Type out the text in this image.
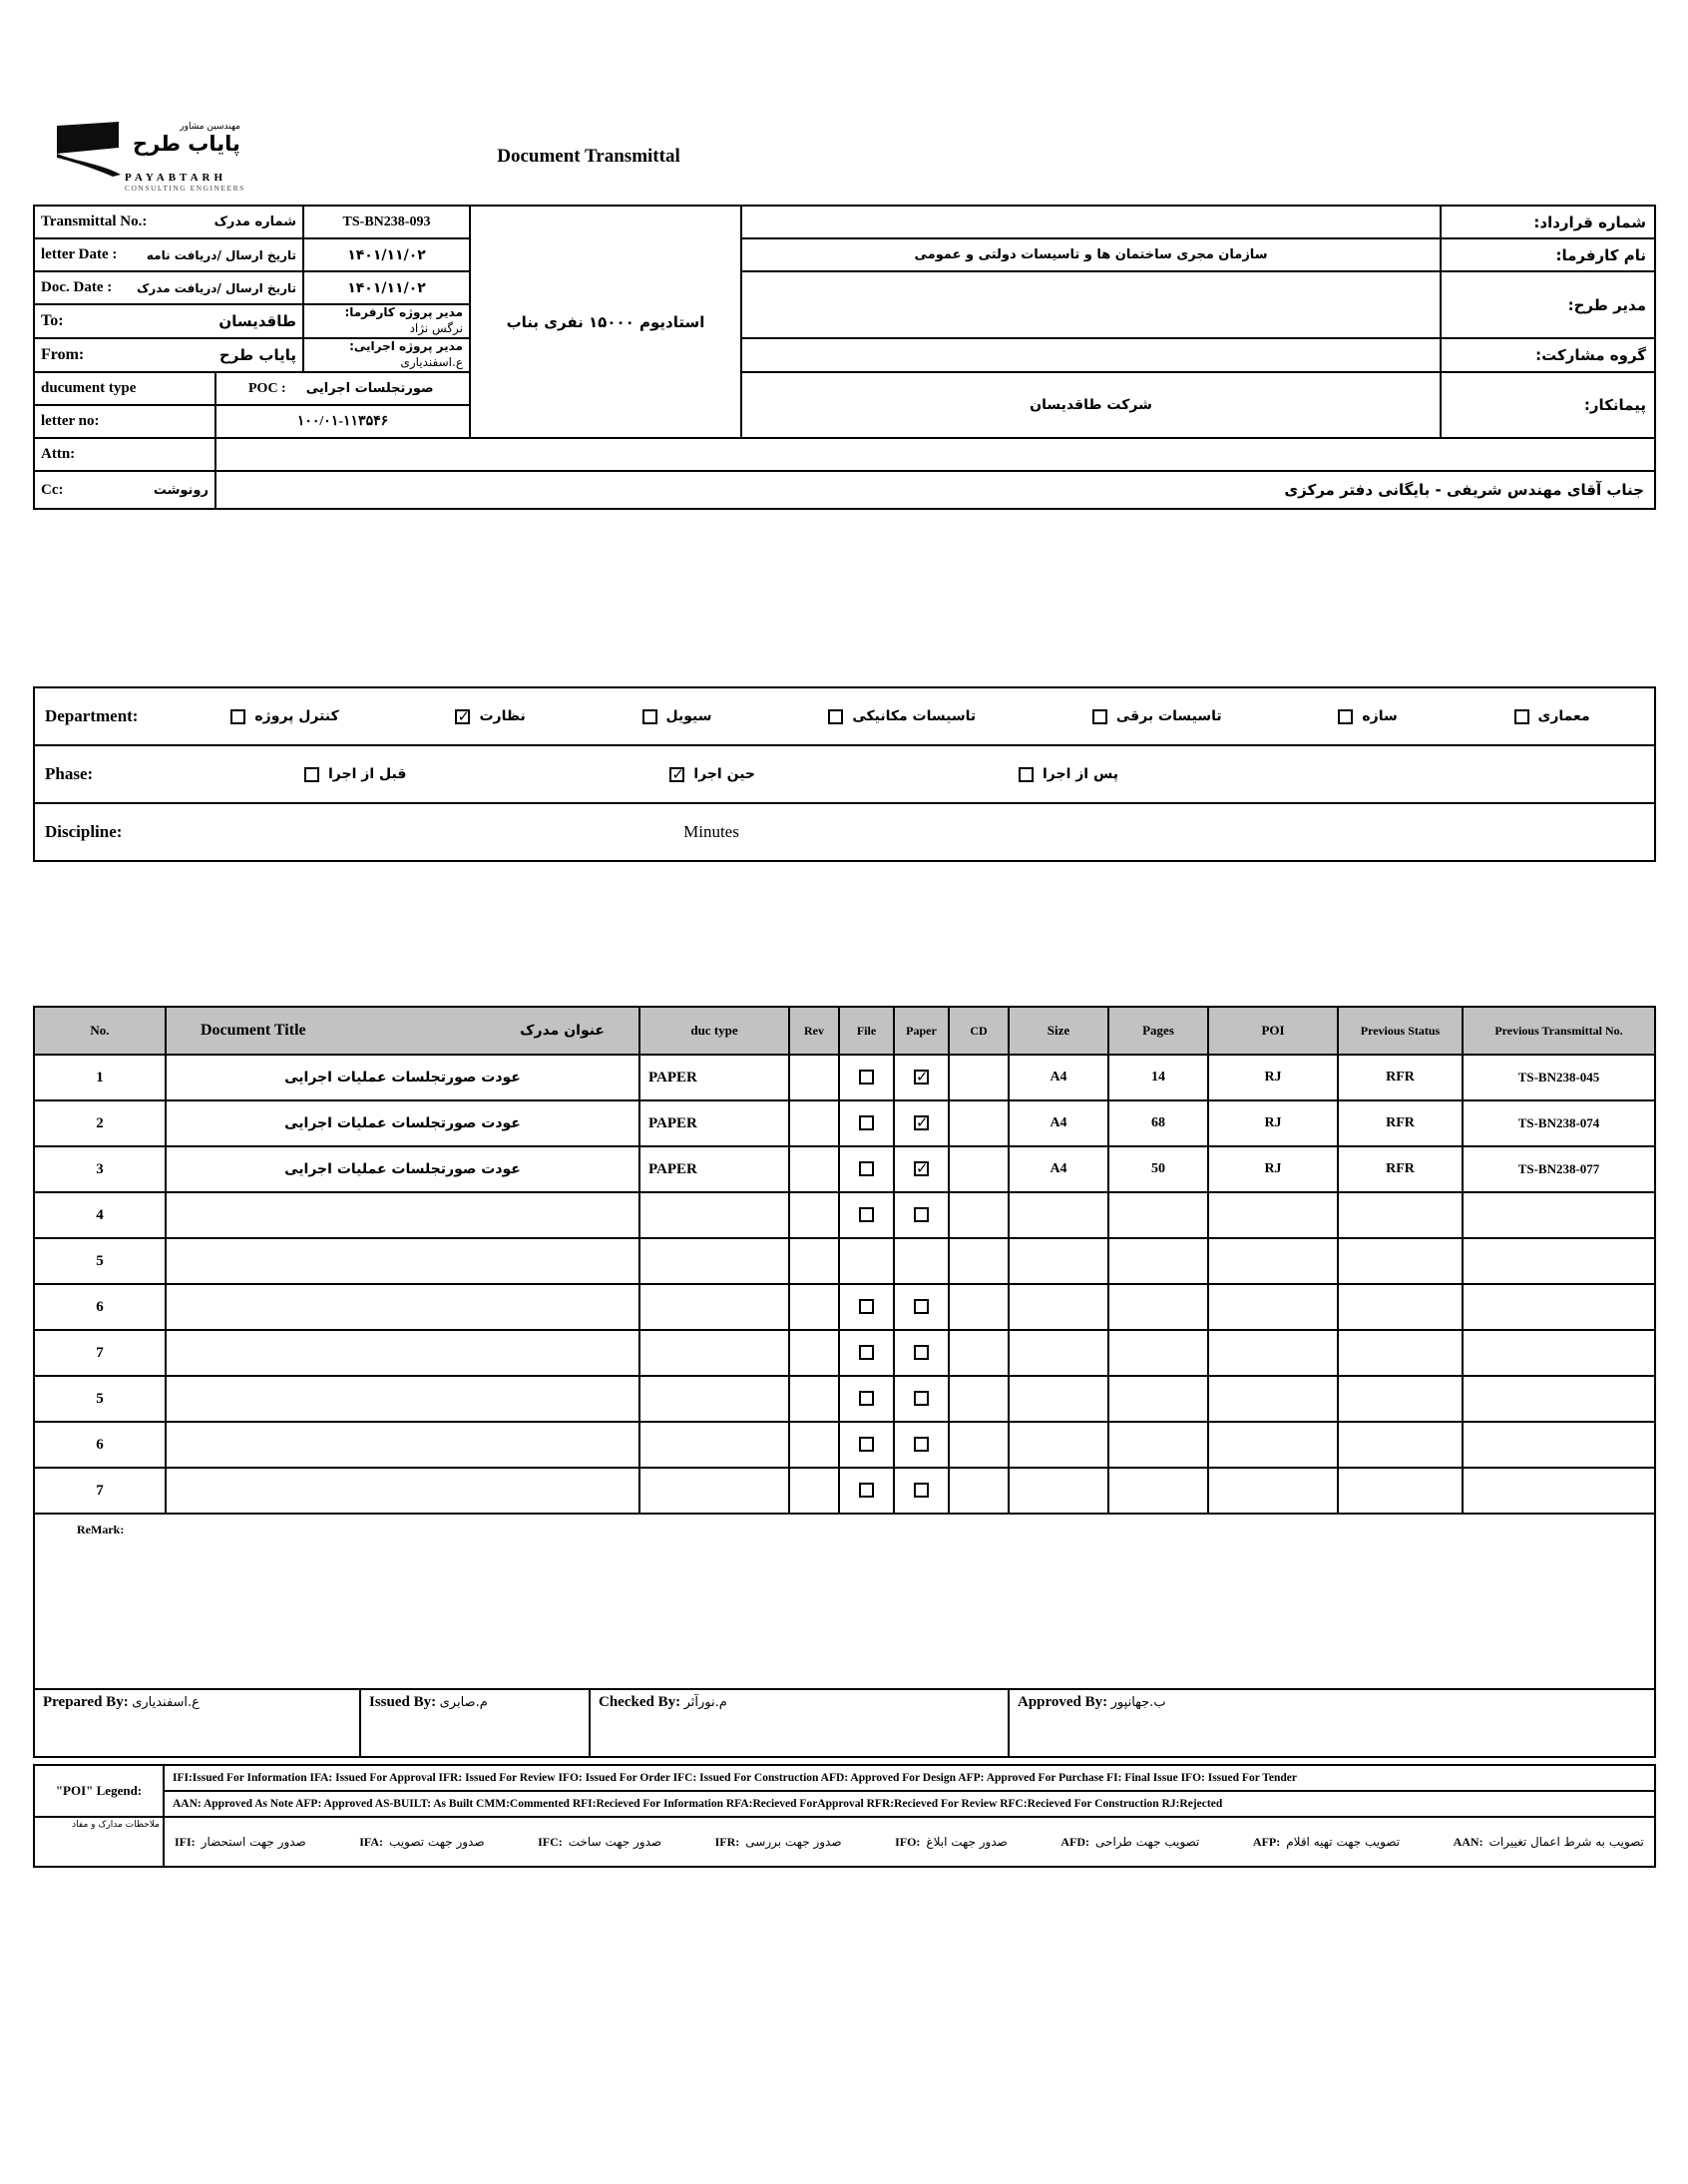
مهندسین مشاور
پایاب طرح
PAYABTARH
CONSULTING ENGINEERS
Document Transmittal
Transmittal No.: شماره مدرک		TS-BN238-093	استادیوم ۱۵۰۰۰ نفری بناب		شماره قرارداد:	

letter Date : تاریخ ارسال /دریافت نامه		۱۴۰۱/۱۱/۰۲		سازمان مجری ساختمان ها و تاسیسات دولتی و عمومی	نام کارفرما:	

Doc. Date : تاریخ ارسال /دریافت مدرک		۱۴۰۱/۱۱/۰۲			مدیر طرح:	

To: طاقدیسان		مدیر پروژه کارفرما: نرگس نژاد				

From: پایاب طرح		مدیر پروژه اجرایی: ع.اسفندیاری			گروه مشارکت:	
ducument type	POC : صورتجلسات اجرایی			شرکت طاقدیسان	پیمانکار:	
letter no:	۱۰۰/۰۱-۱۱۳۵۴۶					
Attn:						

Cc: رونوشت	جناب آقای مهندس شریفی - بایگانی دفتر مرکزی					
Department:	معماری
سازه
تاسیسات برقی
تاسیسات مکانیکی
سیویل
نظارت
✓
کنترل پروژه

Phase:	پس از اجرا
حین اجرا
✓
قبل از اجرا

Discipline:	Minutes
No.	Document Title عنوان مدرک	duc type	Rev	File	Paper	CD	Size	Pages	POI	Previous Status	Previous Transmittal No.
1	عودت صورتجلسات عملیات اجرایی	PAPER			✓		A4	14	RJ	RFR	TS-BN238-045
2	عودت صورتجلسات عملیات اجرایی	PAPER			✓		A4	68	RJ	RFR	TS-BN238-074
3	عودت صورتجلسات عملیات اجرایی	PAPER			✓		A4	50	RJ	RFR	TS-BN238-077
4											
5											
6											
7											
5											
6											
7											
ReMark:											
Prepared By: ع.اسفندیاری	Issued By: م.صابری	Checked By: م.نورآثر	Approved By: ب.جهانپور
"POI" Legend:	IFI:Issued For Information IFA: Issued For Approval IFR: Issued For Review IFO: Issued For Order IFC: Issued For Construction AFD: Approved For Design AFP: Approved For Purchase FI: Final Issue IFO: Issued For Tender
	AAN: Approved As Note AFP: Approved AS-BUILT: As Built CMM:Commented RFI:Recieved For Information RFA:Recieved ForApproval RFR:Recieved For Review RFC:Recieved For Construction RJ:Rejected
ملاحظات مدارک و مفاد	
IFI: صدور جهت استحضار	IFA: صدور جهت تصویب	IFC: صدور جهت ساخت	IFR: صدور جهت بررسی	IFO: صدور جهت ابلاغ	AFD: تصویب جهت طراحی	AFP: تصویب جهت تهیه اقلام	AAN: تصویب به شرط اعمال تغییرات
